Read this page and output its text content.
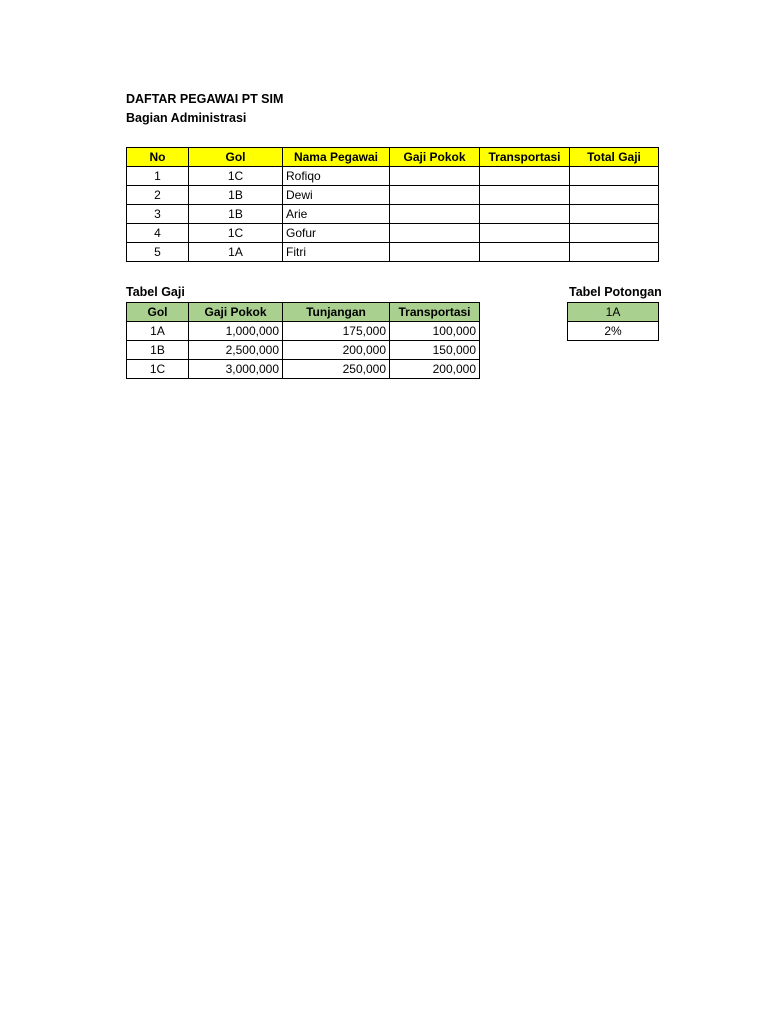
DAFTAR PEGAWAI PT SIM
Bagian Administrasi
No	Gol	Nama Pegawai	Gaji Pokok	Transportasi	Total Gaji
1	1C	Rofiqo			
2	1B	Dewi			
3	1B	Arie			
4	1C	Gofur			
5	1A	Fitri			
Tabel Gaji	Tabel Potongan
Gol	Gaji Pokok	Tunjangan	Transportasi
1A	1,000,000	175,000	100,000
1B	2,500,000	200,000	150,000
1C	3,000,000	250,000	200,000
1A
2%
